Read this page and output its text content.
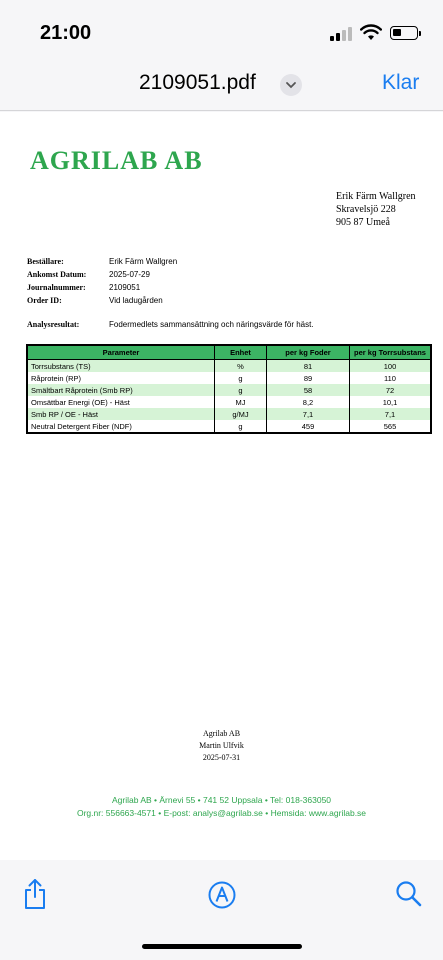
21:00
2109051.pdf	Klar
AGRILAB AB
Erik Färm Wallgren
Skravelsjö 228
905 87 Umeå
Beställare:	Erik Färm Wallgren
Ankomst Datum:	2025-07-29
Journalnummer:	2109051
Order ID:	Vid ladugården
Analysresultat:	Fodermedlets sammansättning och näringsvärde för häst.
Parameter	Enhet	per kg Foder	per kg Torrsubstans
Torrsubstans (TS)	%	81	100
Råprotein (RP)	g	89	110
Smältbart Råprotein (Smb RP)	g	58	72
Omsättbar Energi (OE) - Häst	MJ	8,2	10,1
Smb RP / OE - Häst	g/MJ	7,1	7,1
Neutral Detergent Fiber (NDF)	g	459	565
Agrilab AB
Martin Ulfvik
2025-07-31
Agrilab AB • Ärnevi 55 • 741 52 Uppsala • Tel: 018-363050
Org.nr: 556663-4571 • E-post: analys@agrilab.se • Hemsida: www.agrilab.se
